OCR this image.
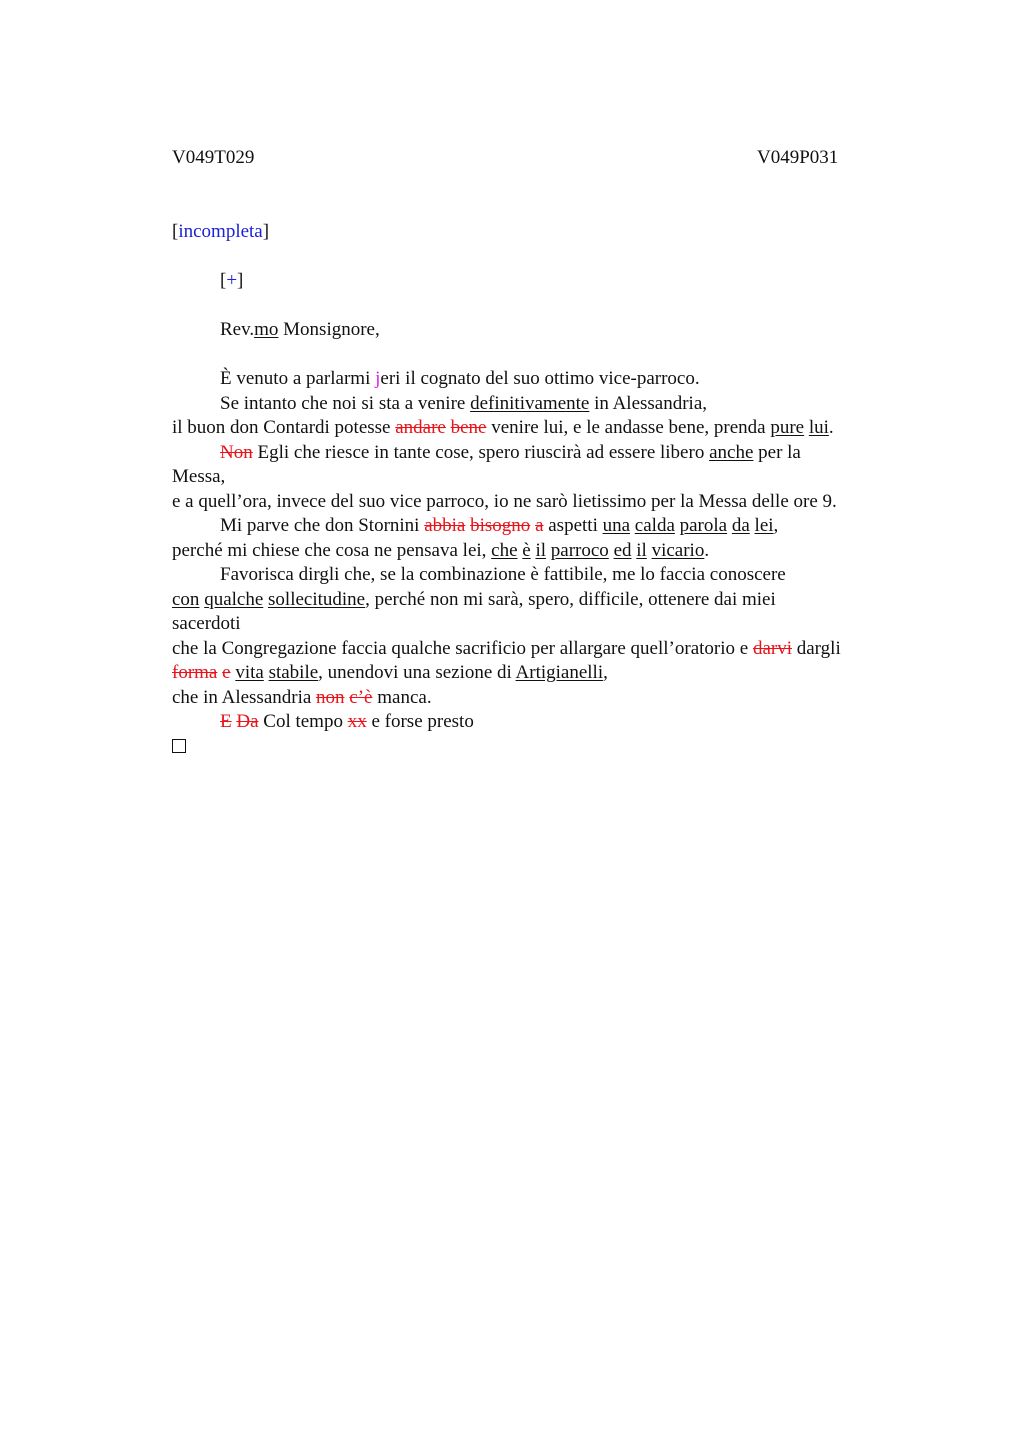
V049T029	V049P031
[incompleta]
[+]
Rev.mo Monsignore,
È venuto a parlarmi jeri il cognato del suo ottimo vice-parroco.
Se intanto che noi si sta a venire definitivamente in Alessandria,
il buon don Contardi potesse andare bene venire lui, e le andasse bene, prenda pure lui.
Non Egli che riesce in tante cose, spero riuscirà ad essere libero anche per la
Messa,
e a quell’ora, invece del suo vice parroco, io ne sarò lietissimo per la Messa delle ore 9.
Mi parve che don Stornini abbia bisogno a aspetti una calda parola da lei,
perché mi chiese che cosa ne pensava lei, che è il parroco ed il vicario.
Favorisca dirgli che, se la combinazione è fattibile, me lo faccia conoscere
con qualche sollecitudine, perché non mi sarà, spero, difficile, ottenere dai miei
sacerdoti
che la Congregazione faccia qualche sacrificio per allargare quell’oratorio e darvi dargli
forma e vita stabile, unendovi una sezione di Artigianelli,
che in Alessandria non c’è manca.
E Da Col tempo xx e forse presto
